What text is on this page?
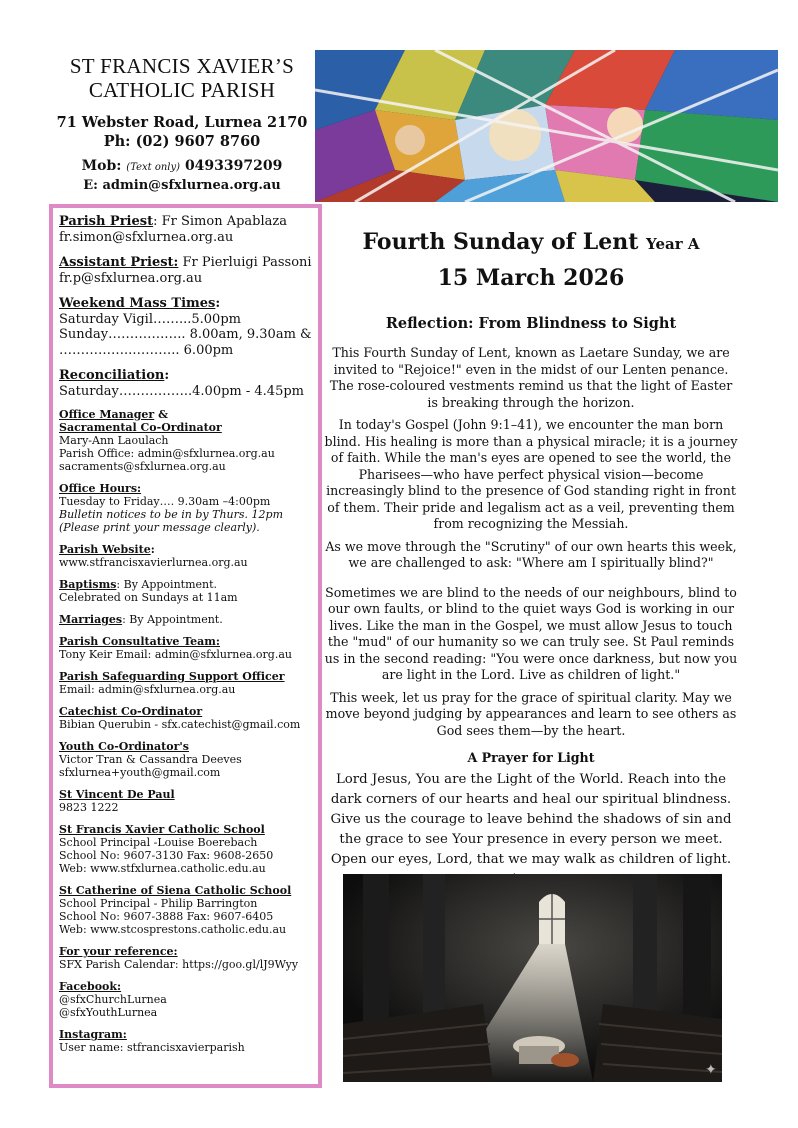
ST FRANCIS XAVIER’S
CATHOLIC PARISH
71 Webster Road, Lurnea 2170
Ph: (02) 9607 8760
Mob: (Text only) 0493397209
E: admin@sfxlurnea.org.au
Parish Priest: Fr Simon Apablaza
fr.simon@sfxlurnea.org.au
Assistant Priest: Fr Pierluigi Passoni
fr.p@sfxlurnea.org.au
Weekend Mass Times:
Saturday Vigil……...5.00pm
Sunday………….….. 8.00am, 9.30am &
……………..……….. 6.00pm
Reconciliation:
Saturday……………..4.00pm - 4.45pm
Office Manager &
Sacramental Co-Ordinator
Mary-Ann Laoulach
Parish Office: admin@sfxlurnea.org.au
sacraments@sfxlurnea.org.au
Office Hours:
Tuesday to Friday…. 9.30am –4:00pm
Bulletin notices to be in by Thurs. 12pm
(Please print your message clearly).
Parish Website:
www.stfrancisxavierlurnea.org.au
Baptisms: By Appointment.
Celebrated on Sundays at 11am
Marriages: By Appointment.
Parish Consultative Team:
Tony Keir Email: admin@sfxlurnea.org.au
Parish Safeguarding Support Officer
Email: admin@sfxlurnea.org.au
Catechist Co-Ordinator
Bibian Querubin - sfx.catechist@gmail.com
Youth Co-Ordinator's
Victor Tran & Cassandra Deeves
sfxlurnea+youth@gmail.com
St Vincent De Paul
9823 1222
St Francis Xavier Catholic School
School Principal -Louise Boerebach
School No: 9607-3130 Fax: 9608-2650
Web: www.stfxlurnea.catholic.edu.au
St Catherine of Siena Catholic School
School Principal - Philip Barrington
School No: 9607-3888 Fax: 9607-6405
Web: www.stcosprestons.catholic.edu.au
For your reference:
SFX Parish Calendar: https://goo.gl/lJ9Wyy
Facebook:
@sfxChurchLurnea
@sfxYouthLurnea
Instagram:
User name: stfrancisxavierparish
Fourth Sunday of Lent Year A
15 March 2026
Reflection: From Blindness to Sight

This Fourth Sunday of Lent, known as Laetare Sunday, we are invited to "Rejoice!" even in the midst of our Lenten penance. The rose-coloured vestments remind us that the light of Easter is breaking through the horizon.

In today's Gospel (John 9:1–41), we encounter the man born blind. His healing is more than a physical miracle; it is a journey of faith. While the man's eyes are opened to see the world, the Pharisees—who have perfect physical vision—become increasingly blind to the presence of God standing right in front of them. Their pride and legalism act as a veil, preventing them from recognizing the Messiah.

As we move through the "Scrutiny" of our own hearts this week, we are challenged to ask: "Where am I spiritually blind?"

Sometimes we are blind to the needs of our neighbours, blind to our own faults, or blind to the quiet ways God is working in our lives. Like the man in the Gospel, we must allow Jesus to touch the "mud" of our humanity so we can truly see. St Paul reminds us in the second reading: "You were once darkness, but now you are light in the Lord. Live as children of light."

This week, let us pray for the grace of spiritual clarity. May we move beyond judging by appearances and learn to see others as God sees them—by the heart.

A Prayer for Light
Lord Jesus, You are the Light of the World. Reach into the dark corners of our hearts and heal our spiritual blindness. Give us the courage to leave behind the shadows of sin and the grace to see Your presence in every person we meet. Open our eyes, Lord, that we may walk as children of light.
✦
